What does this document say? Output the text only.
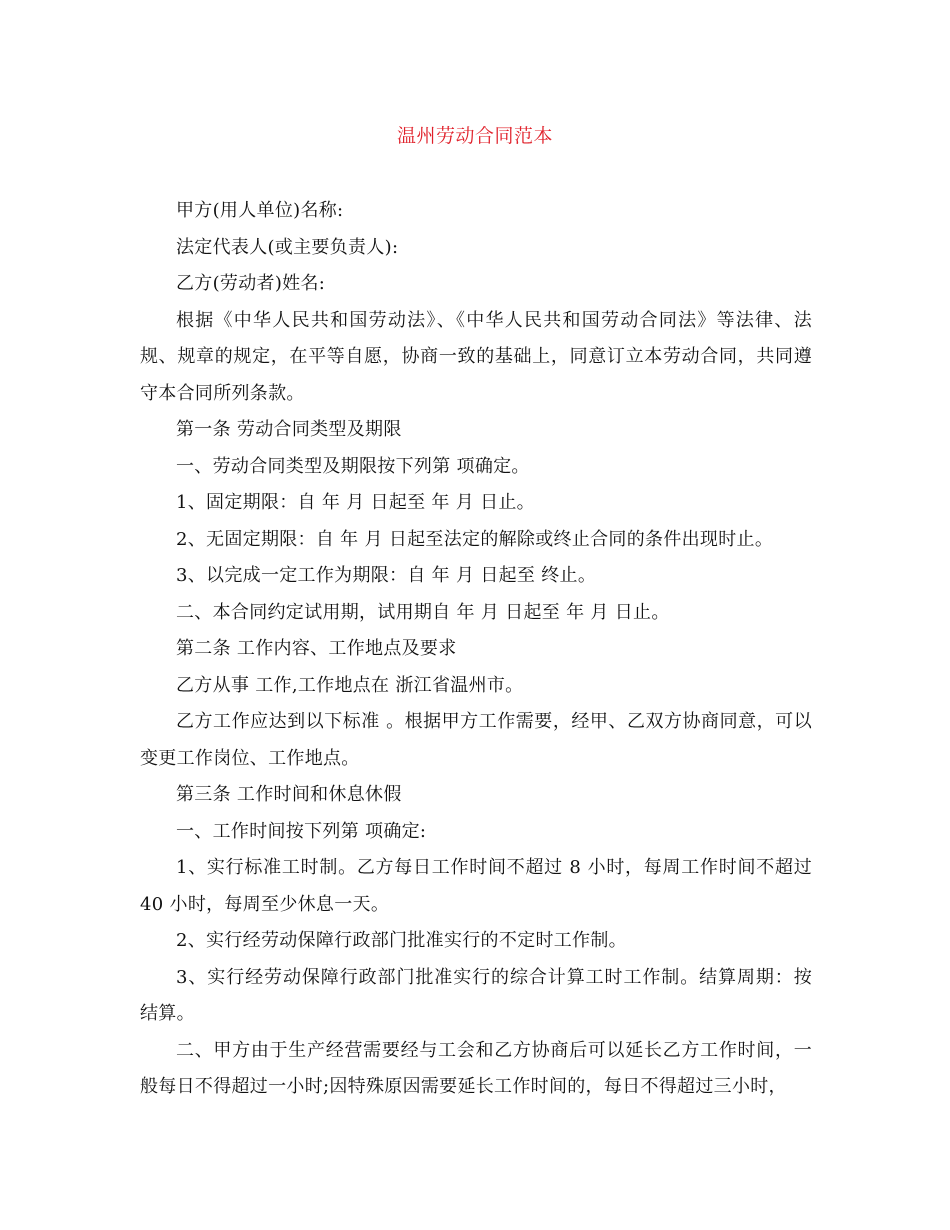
温州劳动合同范本

甲方(用人单位)名称:

法定代表人(或主要负责人):

乙方(劳动者)姓名:

根据《中华人民共和国劳动法》、《中华人民共和国劳动合同法》等法律、法规、规章的规定，在平等自愿，协商一致的基础上，同意订立本劳动合同，共同遵守本合同所列条款。

第一条 劳动合同类型及期限

一、劳动合同类型及期限按下列第 项确定。

1、固定期限：自 年 月 日起至 年 月 日止。

2、无固定期限：自 年 月 日起至法定的解除或终止合同的条件出现时止。

3、以完成一定工作为期限：自 年 月 日起至 终止。

二、本合同约定试用期，试用期自 年 月 日起至 年 月 日止。

第二条 工作内容、工作地点及要求

乙方从事 工作,工作地点在 浙江省温州市。

乙方工作应达到以下标准 。根据甲方工作需要，经甲、乙双方协商同意，可以变更工作岗位、工作地点。

第三条 工作时间和休息休假

一、工作时间按下列第 项确定:

1、实行标准工时制。乙方每日工作时间不超过 8 小时，每周工作时间不超过 40 小时，每周至少休息一天。

2、实行经劳动保障行政部门批准实行的不定时工作制。

3、实行经劳动保障行政部门批准实行的综合计算工时工作制。结算周期：按 结算。

二、甲方由于生产经营需要经与工会和乙方协商后可以延长乙方工作时间，一般每日不得超过一小时;因特殊原因需要延长工作时间的，每日不得超过三小时，
